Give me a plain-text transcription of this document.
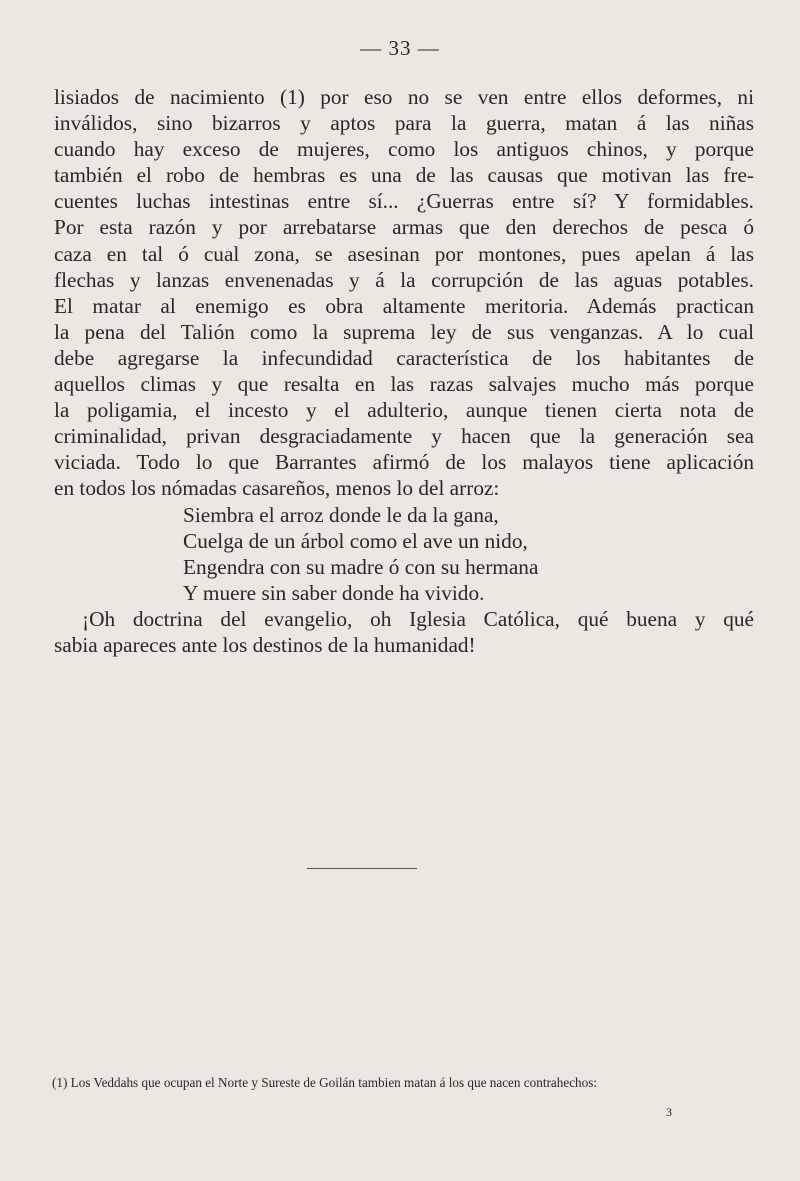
— 33 —
lisiados de nacimiento (1) por eso no se ven entre ellos deformes, ni
inválidos, sino bizarros y aptos para la guerra, matan á las niñas
cuando hay exceso de mujeres, como los antiguos chinos, y porque
también el robo de hembras es una de las causas que motivan las fre-
cuentes luchas intestinas entre sí... ¿Guerras entre sí? Y formidables.
Por esta razón y por arrebatarse armas que den derechos de pesca ó
caza en tal ó cual zona, se asesinan por montones, pues apelan á las
flechas y lanzas envenenadas y á la corrupción de las aguas potables.
El matar al enemigo es obra altamente meritoria. Además practican
la pena del Talión como la suprema ley de sus venganzas. A lo cual
debe agregarse la infecundidad característica de los habitantes de
aquellos climas y que resalta en las razas salvajes mucho más porque
la poligamia, el incesto y el adulterio, aunque tienen cierta nota de
criminalidad, privan desgraciadamente y hacen que la generación sea
viciada. Todo lo que Barrantes afirmó de los malayos tiene aplicación
en todos los nómadas casareños, menos lo del arroz:
Siembra el arroz donde le da la gana,
Cuelga de un árbol como el ave un nido,
Engendra con su madre ó con su hermana
Y muere sin saber donde ha vivido.
¡Oh doctrina del evangelio, oh Iglesia Católica, qué buena y qué
sabia apareces ante los destinos de la humanidad!
(1) Los Veddahs que ocupan el Norte y Sureste de Goilán tambien matan á los que nacen contrahechos:
3
